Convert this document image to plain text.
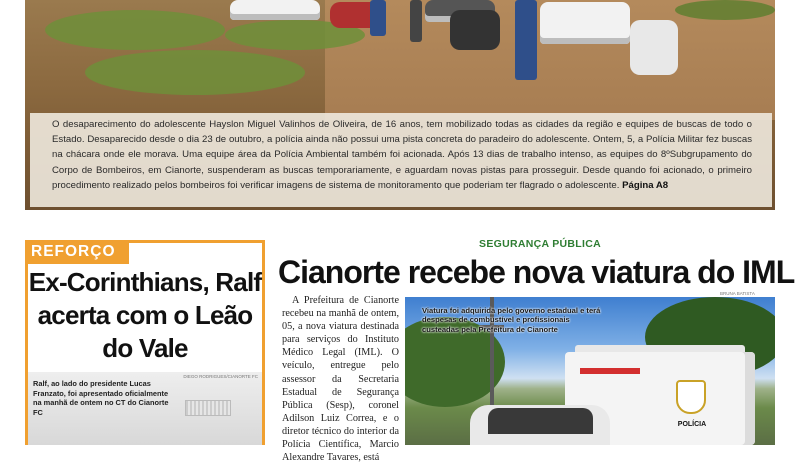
O desaparecimento do adolescente Hayslon Miguel Valinhos de Oliveira, de 16 anos, tem mobilizado todas as cidades da região e equipes de buscas de todo o Estado. Desaparecido desde o dia 23 de outubro, a polícia ainda não possui uma pista concreta do paradeiro do adolescente. Ontem, 5, a Polícia Militar fez buscas na chácara onde ele morava. Uma equipe área da Polícia Ambiental também foi acionada. Após 13 dias de trabalho intenso, as equipes do 8ºSubgrupamento do Corpo de Bombeiros, em Cianorte, suspenderam as buscas temporariamente, e aguardam novas pistas para prosseguir. Desde quando foi acionado, o primeiro procedimento realizado pelos bombeiros foi verificar imagens de sistema de monitoramento que poderiam ter flagrado o adolescente. Página A8

REFORÇO
Ex-Corinthians, Ralf acerta com o Leão do Vale
DIEGO RODRIGUES/CIANORTE FC

Ralf, ao lado do presidente Lucas Franzato, foi apresentado oficialmente na manhã de ontem no CT do Cianorte FC

SEGURANÇA PÚBLICA
Cianorte recebe nova viatura do IML
BRUNA BATISTA

A Prefeitura de Cianorte recebeu na manhã de ontem, 05, a nova viatura destinada para serviços do Instituto Médico Legal (IML). O veículo, entregue pelo assessor da Secretaria Estadual de Segurança Pública (Sesp), coronel Adilson Luiz Correa, e o diretor técnico do interior da Polícia Científica, Marcio Alexandre Tavares, está

POLÍCIA

Viatura foi adquirida pelo governo estadual e terá despesas de combustível e profissionais custeadas pela Prefeitura de Cianorte
